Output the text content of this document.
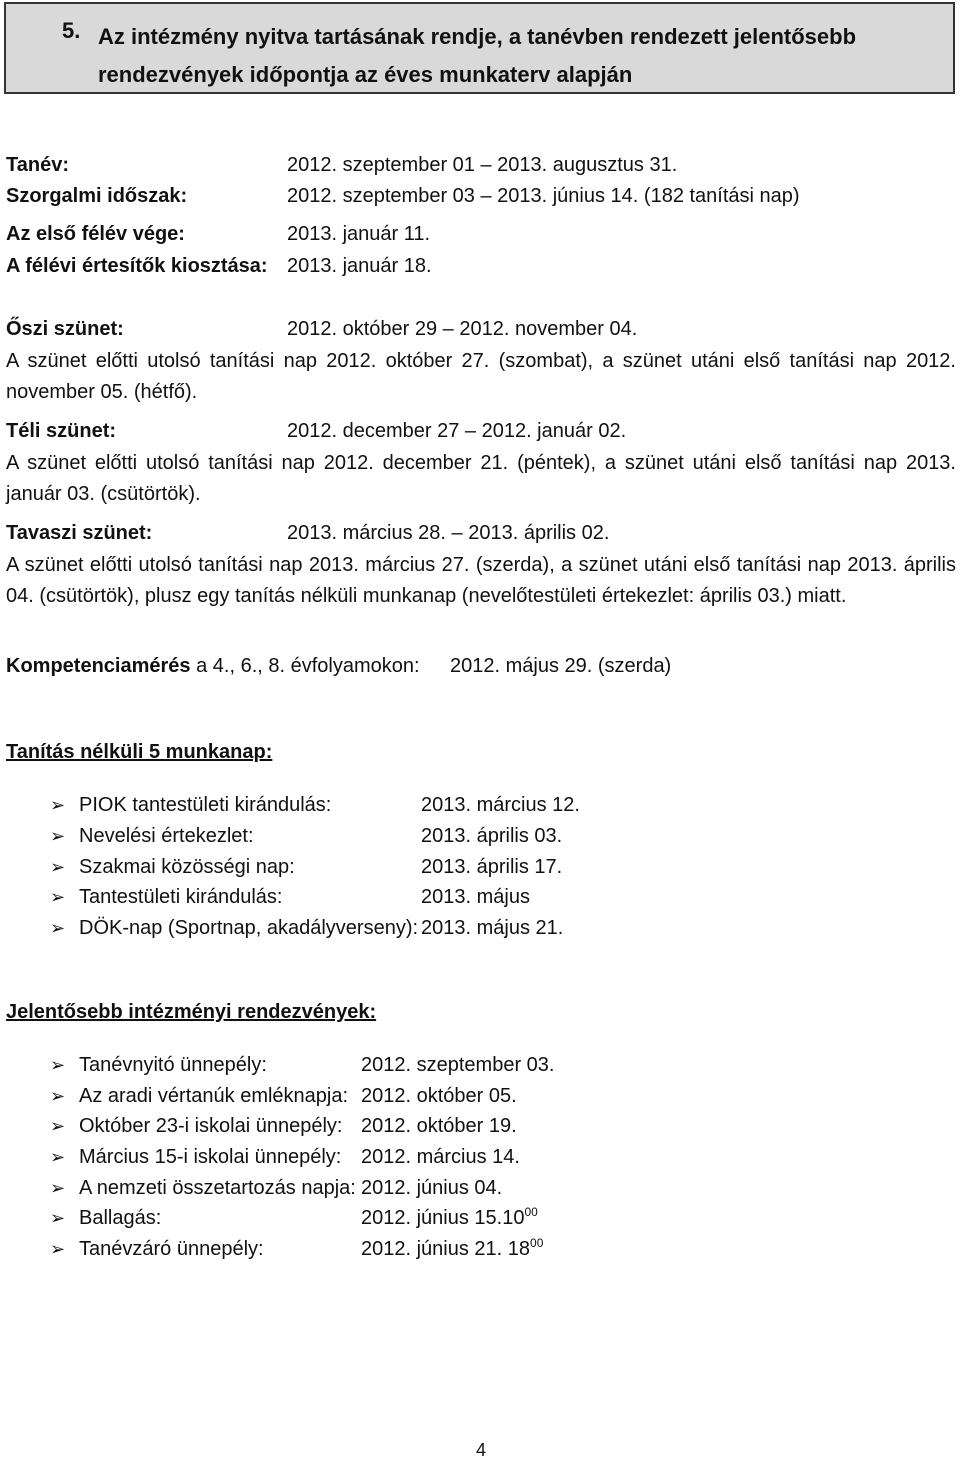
5. Az intézmény nyitva tartásának rendje, a tanévben rendezett jelentősebb rendezvények időpontja az éves munkaterv alapján
Tanév:	2012. szeptember 01 – 2013. augusztus 31.
Szorgalmi időszak:	2012. szeptember 03 – 2013. június 14. (182 tanítási nap)
Az első félév vége:	2013. január 11.
A félévi értesítők kiosztása: 2013. január 18.
Őszi szünet:	2012. október 29 – 2012. november 04.
A szünet előtti utolsó tanítási nap 2012. október 27. (szombat), a szünet utáni első tanítási nap 2012. november 05. (hétfő).
Téli szünet:	2012. december 27 – 2012. január 02.
A szünet előtti utolsó tanítási nap 2012. december 21. (péntek), a szünet utáni első tanítási nap 2013. január 03. (csütörtök).
Tavaszi szünet:	2013. március 28. – 2013. április 02.
A szünet előtti utolsó tanítási nap 2013. március 27. (szerda), a szünet utáni első tanítási nap 2013. április 04. (csütörtök), plusz egy tanítás nélküli munkanap (nevelőtestületi értekezlet: április 03.) miatt.
Kompetenciamérés a 4., 6., 8. évfolyamokon: 2012. május 29. (szerda)
Tanítás nélküli 5 munkanap:
➢ PIOK tantestületi kirándulás:	2013. március 12.
➢ Nevelési értekezlet:	2013. április 03.
➢ Szakmai közösségi nap:	2013. április 17.
➢ Tantestületi kirándulás:	2013. május
➢ DÖK-nap (Sportnap, akadályverseny): 2013. május 21.
Jelentősebb intézményi rendezvények:
➢ Tanévnyitó ünnepély:	2012. szeptember 03.
➢ Az aradi vértanúk emléknapja: 2012. október 05.
➢ Október 23-i iskolai ünnepély: 2012. október 19.
➢ Március 15-i iskolai ünnepély: 2012. március 14.
➢ A nemzeti összetartozás napja: 2012. június 04.
➢ Ballagás:	2012. június 15.10$^{00}$
➢ Tanévzáró ünnepély:	2012. június 21. $18^{00}$
4
